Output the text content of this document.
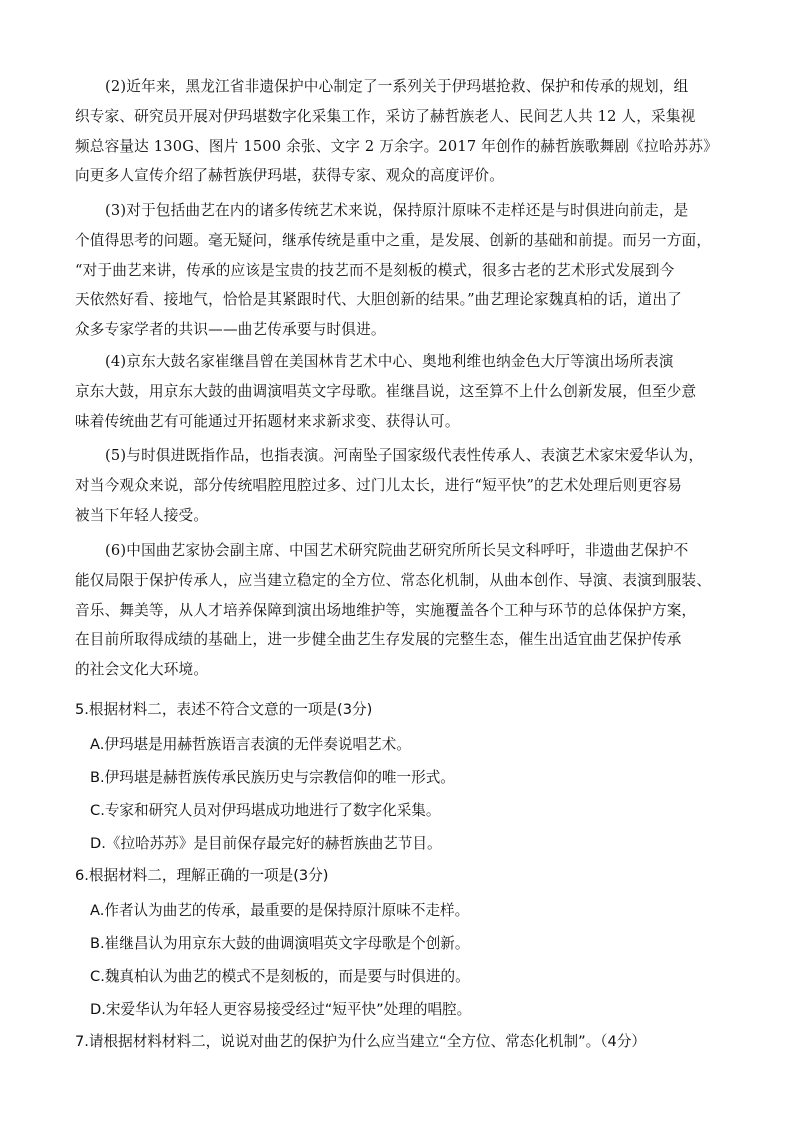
(2)近年来，黑龙江省非遗保护中心制定了一系列关于伊玛堪抢救、保护和传承的规划，组
织专家、研究员开展对伊玛堪数字化采集工作，采访了赫哲族老人、民间艺人共 12 人，采集视
频总容量达 130G、图片 1500 余张、文字 2 万余字。2017 年创作的赫哲族歌舞剧《拉哈苏苏》
向更多人宣传介绍了赫哲族伊玛堪，获得专家、观众的高度评价。
(3)对于包括曲艺在内的诸多传统艺术来说，保持原汁原味不走样还是与时俱进向前走，是
个值得思考的问题。毫无疑问，继承传统是重中之重，是发展、创新的基础和前提。而另一方面，
“对于曲艺来讲，传承的应该是宝贵的技艺而不是刻板的模式，很多古老的艺术形式发展到今
天依然好看、接地气，恰恰是其紧跟时代、大胆创新的结果。”曲艺理论家魏真柏的话，道出了
众多专家学者的共识——曲艺传承要与时俱进。
(4)京东大鼓名家崔继昌曾在美国林肯艺术中心、奥地利维也纳金色大厅等演出场所表演
京东大鼓，用京东大鼓的曲调演唱英文字母歌。崔继昌说，这至算不上什么创新发展，但至少意
味着传统曲艺有可能通过开拓题材来求新求变、获得认可。
(5)与时俱进既指作品，也指表演。河南坠子国家级代表性传承人、表演艺术家宋爱华认为，
对当今观众来说，部分传统唱腔甩腔过多、过门儿太长，进行“短平快”的艺术处理后则更容易
被当下年轻人接受。
(6)中国曲艺家协会副主席、中国艺术研究院曲艺研究所所长吴文科呼吁，非遗曲艺保护不
能仅局限于保护传承人，应当建立稳定的全方位、常态化机制，从曲本创作、导演、表演到服装、
音乐、舞美等，从人才培养保障到演出场地维护等，实施覆盖各个工种与环节的总体保护方案，
在目前所取得成绩的基础上，进一步健全曲艺生存发展的完整生态，催生出适宜曲艺保护传承
的社会文化大环境。
5.根据材料二，表述不符合文意的一项是(3分)
A.伊玛堪是用赫哲族语言表演的无伴奏说唱艺术。
B.伊玛堪是赫哲族传承民族历史与宗教信仰的唯一形式。
C.专家和研究人员对伊玛堪成功地进行了数字化采集。
D.《拉哈苏苏》是目前保存最完好的赫哲族曲艺节目。
6.根据材料二，理解正确的一项是(3分)
A.作者认为曲艺的传承，最重要的是保持原汁原味不走样。
B.崔继昌认为用京东大鼓的曲调演唱英文字母歌是个创新。
C.魏真柏认为曲艺的模式不是刻板的，而是要与时俱进的。
D.宋爱华认为年轻人更容易接受经过“短平快”处理的唱腔。
7.请根据材料材料二，说说对曲艺的保护为什么应当建立“全方位、常态化机制”。（4分）
